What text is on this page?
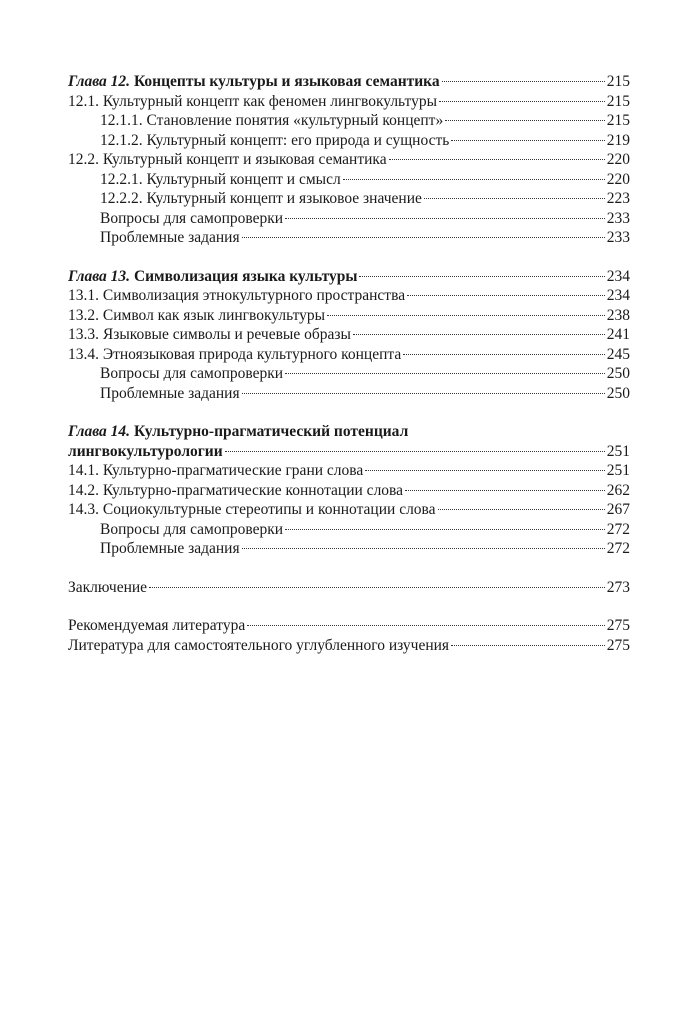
Глава 12. Концепты культуры и языковая семантика	215
12.1. Культурный концепт как феномен лингвокультуры	215
12.1.1. Становление понятия «культурный концепт»	215
12.1.2. Культурный концепт: его природа и сущность	219
12.2. Культурный концепт и языковая семантика	220
12.2.1. Культурный концепт и смысл	220
12.2.2. Культурный концепт и языковое значение	223
Вопросы для самопроверки	233
Проблемные задания	233
Глава 13. Символизация языка культуры	234
13.1. Символизация этнокультурного пространства	234
13.2. Символ как язык лингвокультуры	238
13.3. Языковые символы и речевые образы	241
13.4. Этноязыковая природа культурного концепта	245
Вопросы для самопроверки	250
Проблемные задания	250
Глава 14. Культурно-прагматический потенциал
лингвокультурологии	251
14.1. Культурно-прагматические грани слова	251
14.2. Культурно-прагматические коннотации слова	262
14.3. Социокультурные стереотипы и коннотации слова	267
Вопросы для самопроверки	272
Проблемные задания	272
Заключение	273
Рекомендуемая литература	275
Литература для самостоятельного углубленного изучения	275
